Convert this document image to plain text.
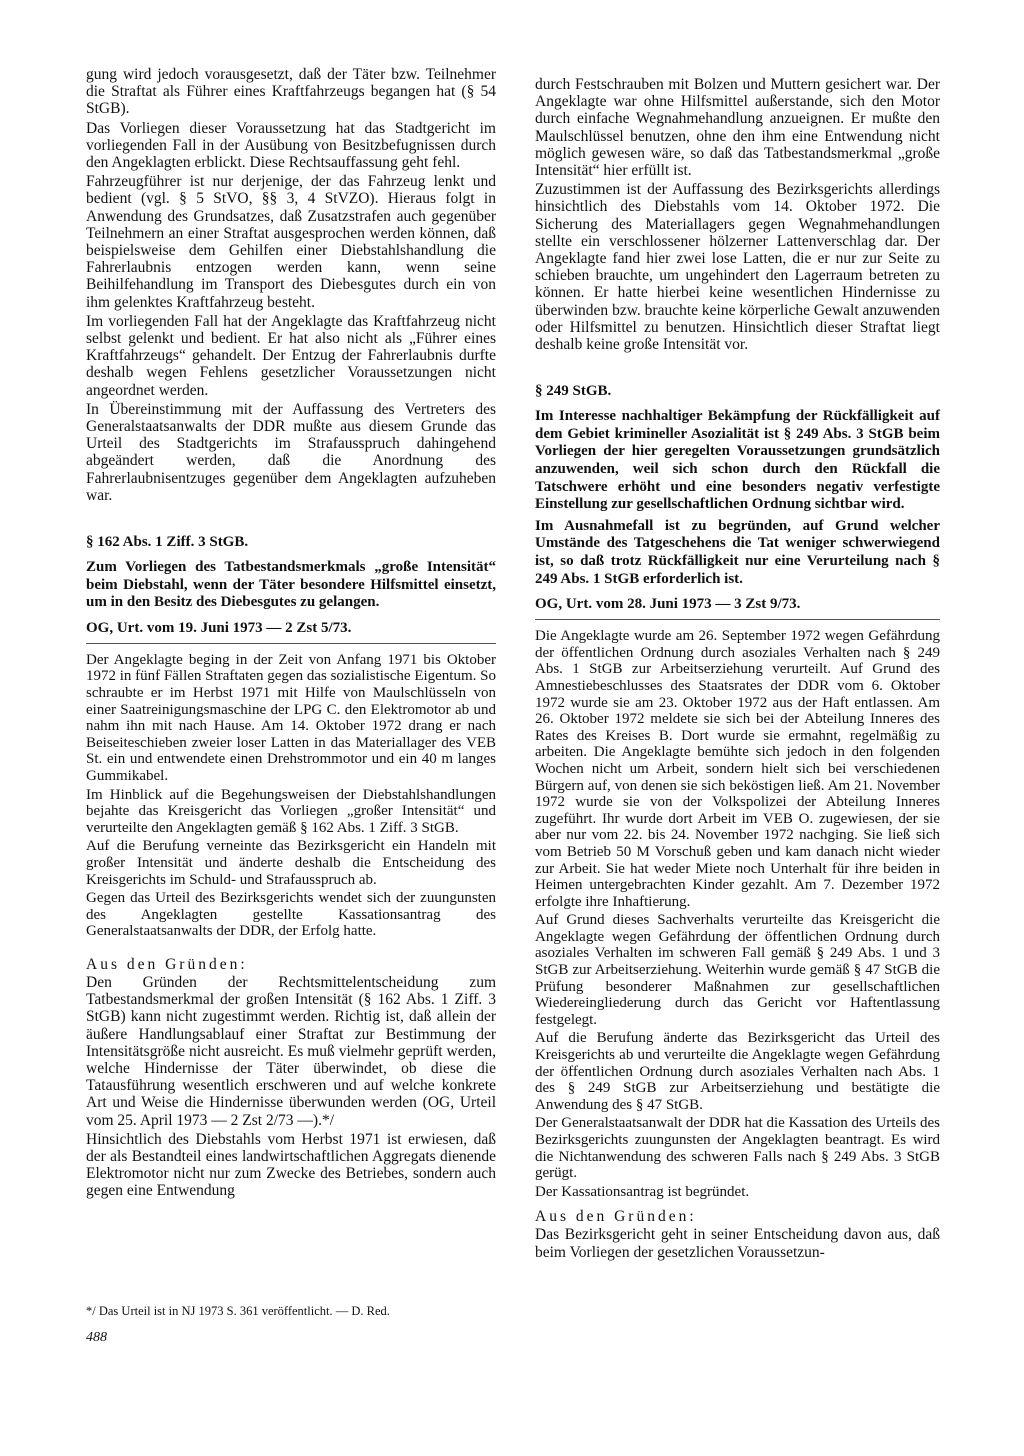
gung wird jedoch vorausgesetzt, daß der Täter bzw. Teilnehmer die Straftat als Führer eines Kraftfahrzeugs begangen hat (§ 54 StGB).

Das Vorliegen dieser Voraussetzung hat das Stadtgericht im vorliegenden Fall in der Ausübung von Besitzbefugnissen durch den Angeklagten erblickt. Diese Rechtsauffassung geht fehl.

Fahrzeugführer ist nur derjenige, der das Fahrzeug lenkt und bedient (vgl. § 5 StVO, §§ 3, 4 StVZO). Hieraus folgt in Anwendung des Grundsatzes, daß Zusatzstrafen auch gegenüber Teilnehmern an einer Straftat ausgesprochen werden können, daß beispielsweise dem Gehilfen einer Diebstahlshandlung die Fahrerlaubnis entzogen werden kann, wenn seine Beihilfehandlung im Transport des Diebesgutes durch ein von ihm gelenktes Kraftfahrzeug besteht.

Im vorliegenden Fall hat der Angeklagte das Kraftfahrzeug nicht selbst gelenkt und bedient. Er hat also nicht als „Führer eines Kraftfahrzeugs“ gehandelt. Der Entzug der Fahrerlaubnis durfte deshalb wegen Fehlens gesetzlicher Voraussetzungen nicht angeordnet werden.

In Übereinstimmung mit der Auffassung des Vertreters des Generalstaatsanwalts der DDR mußte aus diesem Grunde das Urteil des Stadtgerichts im Strafausspruch dahingehend abgeändert werden, daß die Anordnung des Fahrerlaubnisentzuges gegenüber dem Angeklagten aufzuheben war.

§ 162 Abs. 1 Ziff. 3 StGB.

Zum Vorliegen des Tatbestandsmerkmals „große Intensität“ beim Diebstahl, wenn der Täter besondere Hilfsmittel einsetzt, um in den Besitz des Diebesgutes zu gelangen.

OG, Urt. vom 19. Juni 1973 — 2 Zst 5/73.

Der Angeklagte beging in der Zeit von Anfang 1971 bis Oktober 1972 in fünf Fällen Straftaten gegen das sozialistische Eigentum. So schraubte er im Herbst 1971 mit Hilfe von Maulschlüsseln von einer Saatreinigungsmaschine der LPG C. den Elektromotor ab und nahm ihn mit nach Hause. Am 14. Oktober 1972 drang er nach Beiseiteschieben zweier loser Latten in das Materiallager des VEB St. ein und entwendete einen Drehstrommotor und ein 40 m langes Gummikabel.

Im Hinblick auf die Begehungsweisen der Diebstahlshandlungen bejahte das Kreisgericht das Vorliegen „großer Intensität“ und verurteilte den Angeklagten gemäß § 162 Abs. 1 Ziff. 3 StGB.

Auf die Berufung verneinte das Bezirksgericht ein Handeln mit großer Intensität und änderte deshalb die Entscheidung des Kreisgerichts im Schuld- und Strafausspruch ab.

Gegen das Urteil des Bezirksgerichts wendet sich der zuungunsten des Angeklagten gestellte Kassationsantrag des Generalstaatsanwalts der DDR, der Erfolg hatte.

Aus den Gründen:

Den Gründen der Rechtsmittelentscheidung zum Tatbestandsmerkmal der großen Intensität (§ 162 Abs. 1 Ziff. 3 StGB) kann nicht zugestimmt werden. Richtig ist, daß allein der äußere Handlungsablauf einer Straftat zur Bestimmung der Intensitätsgröße nicht ausreicht. Es muß vielmehr geprüft werden, welche Hindernisse der Täter überwindet, ob diese die Tatausführung wesentlich erschweren und auf welche konkrete Art und Weise die Hindernisse überwunden werden (OG, Urteil vom 25. April 1973 — 2 Zst 2/73 —).*/

Hinsichtlich des Diebstahls vom Herbst 1971 ist erwiesen, daß der als Bestandteil eines landwirtschaftlichen Aggregats dienende Elektromotor nicht nur zum Zwecke des Betriebes, sondern auch gegen eine Entwendung

durch Festschrauben mit Bolzen und Muttern gesichert war. Der Angeklagte war ohne Hilfsmittel außerstande, sich den Motor durch einfache Wegnahmehandlung anzueignen. Er mußte den Maulschlüssel benutzen, ohne den ihm eine Entwendung nicht möglich gewesen wäre, so daß das Tatbestandsmerkmal „große Intensität“ hier erfüllt ist.

Zuzustimmen ist der Auffassung des Bezirksgerichts allerdings hinsichtlich des Diebstahls vom 14. Oktober 1972. Die Sicherung des Materiallagers gegen Wegnahmehandlungen stellte ein verschlossener hölzerner Lattenverschlag dar. Der Angeklagte fand hier zwei lose Latten, die er nur zur Seite zu schieben brauchte, um ungehindert den Lagerraum betreten zu können. Er hatte hierbei keine wesentlichen Hindernisse zu überwinden bzw. brauchte keine körperliche Gewalt anzuwenden oder Hilfsmittel zu benutzen. Hinsichtlich dieser Straftat liegt deshalb keine große Intensität vor.

§ 249 StGB.

Im Interesse nachhaltiger Bekämpfung der Rückfälligkeit auf dem Gebiet krimineller Asozialität ist § 249 Abs. 3 StGB beim Vorliegen der hier geregelten Voraussetzungen grundsätzlich anzuwenden, weil sich schon durch den Rückfall die Tatschwere erhöht und eine besonders negativ verfestigte Einstellung zur gesellschaftlichen Ordnung sichtbar wird.

Im Ausnahmefall ist zu begründen, auf Grund welcher Umstände des Tatgeschehens die Tat weniger schwerwiegend ist, so daß trotz Rückfälligkeit nur eine Verurteilung nach § 249 Abs. 1 StGB erforderlich ist.

OG, Urt. vom 28. Juni 1973 — 3 Zst 9/73.

Die Angeklagte wurde am 26. September 1972 wegen Gefährdung der öffentlichen Ordnung durch asoziales Verhalten nach § 249 Abs. 1 StGB zur Arbeitserziehung verurteilt. Auf Grund des Amnestiebeschlusses des Staatsrates der DDR vom 6. Oktober 1972 wurde sie am 23. Oktober 1972 aus der Haft entlassen. Am 26. Oktober 1972 meldete sie sich bei der Abteilung Inneres des Rates des Kreises B. Dort wurde sie ermahnt, regelmäßig zu arbeiten. Die Angeklagte bemühte sich jedoch in den folgenden Wochen nicht um Arbeit, sondern hielt sich bei verschiedenen Bürgern auf, von denen sie sich beköstigen ließ. Am 21. November 1972 wurde sie von der Volkspolizei der Abteilung Inneres zugeführt. Ihr wurde dort Arbeit im VEB O. zugewiesen, der sie aber nur vom 22. bis 24. November 1972 nachging. Sie ließ sich vom Betrieb 50 M Vorschuß geben und kam danach nicht wieder zur Arbeit. Sie hat weder Miete noch Unterhalt für ihre beiden in Heimen untergebrachten Kinder gezahlt. Am 7. Dezember 1972 erfolgte ihre Inhaftierung.

Auf Grund dieses Sachverhalts verurteilte das Kreisgericht die Angeklagte wegen Gefährdung der öffentlichen Ordnung durch asoziales Verhalten im schweren Fall gemäß § 249 Abs. 1 und 3 StGB zur Arbeitserziehung. Weiterhin wurde gemäß § 47 StGB die Prüfung besonderer Maßnahmen zur gesellschaftlichen Wiedereingliederung durch das Gericht vor Haftentlassung festgelegt.

Auf die Berufung änderte das Bezirksgericht das Urteil des Kreisgerichts ab und verurteilte die Angeklagte wegen Gefährdung der öffentlichen Ordnung durch asoziales Verhalten nach Abs. 1 des § 249 StGB zur Arbeitserziehung und bestätigte die Anwendung des § 47 StGB.

Der Generalstaatsanwalt der DDR hat die Kassation des Urteils des Bezirksgerichts zuungunsten der Angeklagten beantragt. Es wird die Nichtanwendung des schweren Falls nach § 249 Abs. 3 StGB gerügt.

Der Kassationsantrag ist begründet.

Aus den Gründen:

Das Bezirksgericht geht in seiner Entscheidung davon aus, daß beim Vorliegen der gesetzlichen Voraussetzun-

*/ Das Urteil ist in NJ 1973 S. 361 veröffentlicht. — D. Red.

488
